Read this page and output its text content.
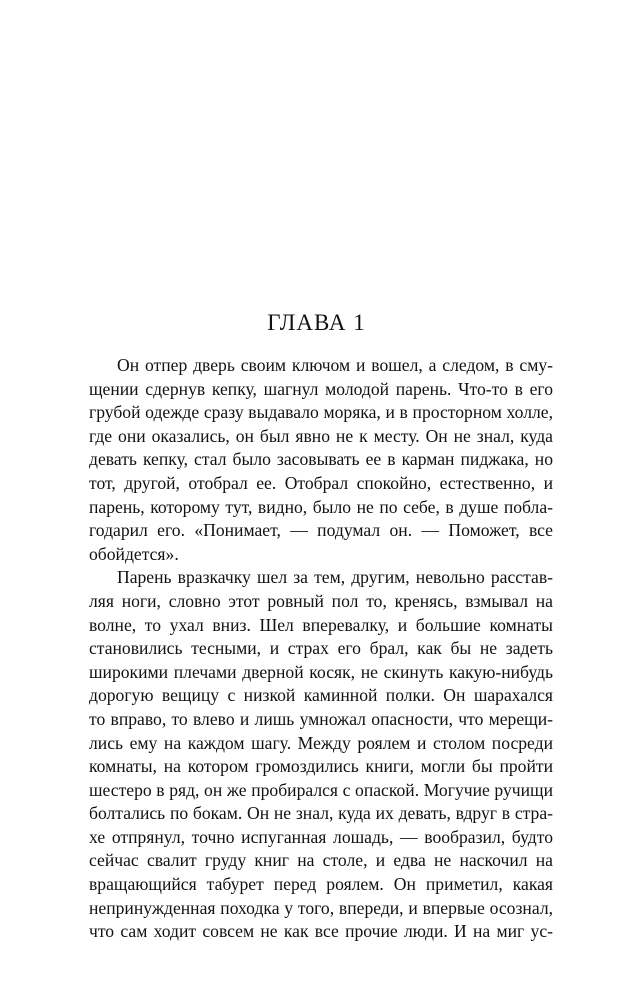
ГЛАВА 1
Он отпер дверь своим ключом и вошел, а следом, в сму-
щении сдернув кепку, шагнул молодой парень. Что-то в его
грубой одежде сразу выдавало моряка, и в просторном холле,
где они оказались, он был явно не к месту. Он не знал, куда
девать кепку, стал было засовывать ее в карман пиджака, но
тот, другой, отобрал ее. Отобрал спокойно, естественно, и
парень, которому тут, видно, было не по себе, в душе побла-
годарил его. «Понимает, — подумал он. — Поможет, все
обойдется».
Парень вразкачку шел за тем, другим, невольно расстав-
ляя ноги, словно этот ровный пол то, кренясь, взмывал на
волне, то ухал вниз. Шел вперевалку, и большие комнаты
становились тесными, и страх его брал, как бы не задеть
широкими плечами дверной косяк, не скинуть какую-нибудь
дорогую вещицу с низкой каминной полки. Он шарахался
то вправо, то влево и лишь умножал опасности, что мерещи-
лись ему на каждом шагу. Между роялем и столом посреди
комнаты, на котором громоздились книги, могли бы пройти
шестеро в ряд, он же пробирался с опаской. Могучие ручищи
болтались по бокам. Он не знал, куда их девать, вдруг в стра-
хе отпрянул, точно испуганная лошадь, — вообразил, будто
сейчас свалит груду книг на столе, и едва не наскочил на
вращающийся табурет перед роялем. Он приметил, какая
непринужденная походка у того, впереди, и впервые осознал,
что сам ходит совсем не как все прочие люди. И на миг ус-
